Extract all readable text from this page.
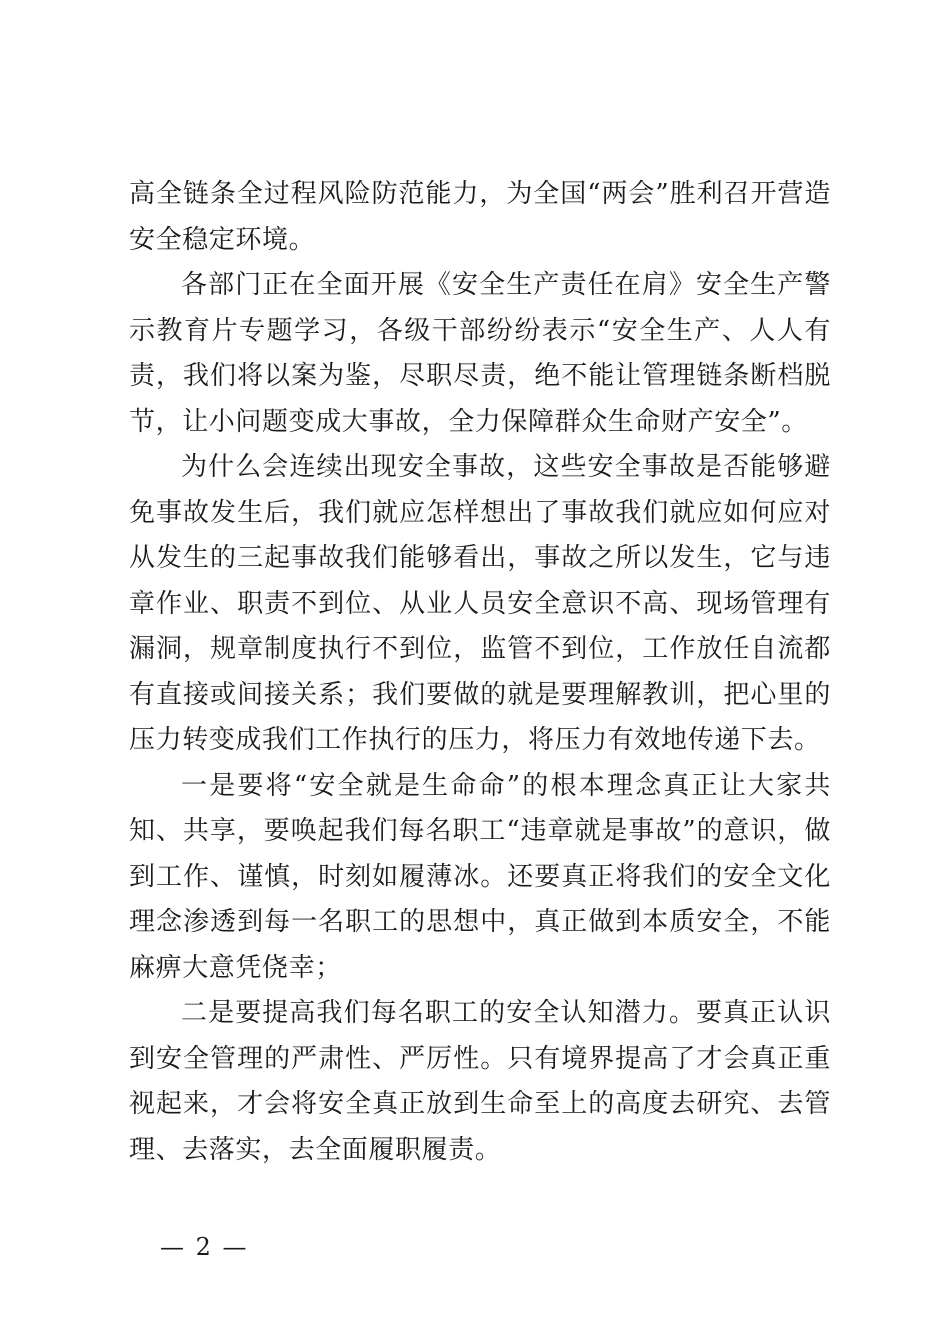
高全链条全过程风险防范能力，为全国“两会”胜利召开营造安全稳定环境。

各部门正在全面开展《安全生产责任在肩》安全生产警示教育片专题学习，各级干部纷纷表示“安全生产、人人有责，我们将以案为鉴，尽职尽责，绝不能让管理链条断档脱节，让小问题变成大事故，全力保障群众生命财产安全”。

为什么会连续出现安全事故，这些安全事故是否能够避免事故发生后，我们就应怎样想出了事故我们就应如何应对从发生的三起事故我们能够看出，事故之所以发生，它与违章作业、职责不到位、从业人员安全意识不高、现场管理有漏洞，规章制度执行不到位，监管不到位，工作放任自流都有直接或间接关系；我们要做的就是要理解教训，把心里的压力转变成我们工作执行的压力，将压力有效地传递下去。

一是要将“安全就是生命命”的根本理念真正让大家共知、共享，要唤起我们每名职工“违章就是事故”的意识，做到工作、谨慎，时刻如履薄冰。还要真正将我们的安全文化理念渗透到每一名职工的思想中，真正做到本质安全，不能麻痹大意凭侥幸；

二是要提高我们每名职工的安全认知潜力。要真正认识到安全管理的严肃性、严厉性。只有境界提高了才会真正重视起来，才会将安全真正放到生命至上的高度去研究、去管理、去落实，去全面履职履责。

— 2 —
